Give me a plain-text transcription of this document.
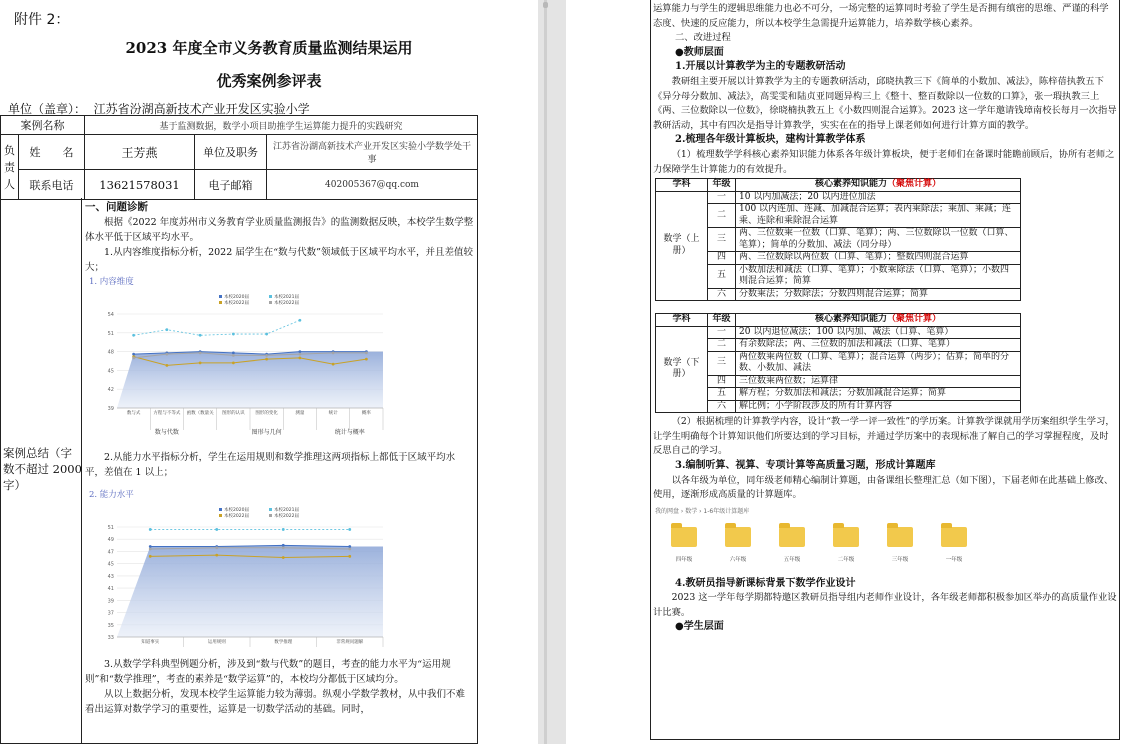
附件 2：
2023 年度全市义务教育质量监测结果运用
优秀案例参评表
单位（盖章）： 江苏省汾湖高新技术产业开发区实验小学
案例名称		基于监测数据，数学小项目助推学生运算能力提升的实践研究		
负责人	姓　　名	王芳燕	单位及职务	江苏省汾湖高新技术产业开发区实验小学数学处干事
	联系电话	13621578031	电子邮箱	402005367@qq.com
案例总结（字数不超过 2000 字）
一、问题诊断

根据《2022 年度苏州市义务教育学业质量监测报告》的监测数据反映，本校学生数学整体水平低于区域平均水平。

1.从内容维度指标分析，2022 届学生在“数与代数”领域低于区域平均水平，并且差值较大；

1. 内容维度
39
42
45
48
51
54
本校2020届	本校2021届
本校2022届	本校2022届
数与式	方程与不等式 函数（数量关 图形的认识 图形的变化	测量	统计	概率
数与代数	图形与几何	统计与概率

2.从能力水平指标分析，学生在运用规则和数学推理这两项指标上都低于区域平均水平，差值在 1 以上；

2. 能力水平
33
35
37
39
41
43
45
47
49
51
本校2020届	本校2021届
本校2022届	本校2022届
知道事实	运用规则	数学推理	非常规问题解

3.从数学学科典型例题分析，涉及到“数与代数”的题目，考查的能力水平为“运用规则”和“数学推理”，考查的素养是“数学运算”的，本校均分都低于区域均分。

从以上数据分析，发现本校学生运算能力较为薄弱。纵观小学数学教材，从中我们不难看出运算对数学学习的重要性，运算是一切数学活动的基础。同时，

运算能力与学生的逻辑思维能力也必不可分，一场完整的运算同时考验了学生是否拥有缜密的思维、严谨的科学态度、快速的反应能力，所以本校学生急需提升运算能力，培养数学核心素养。

二、改进过程
●教师层面
1.开展以计算教学为主的专题教研活动

教研组主要开展以计算教学为主的专题教研活动，邱晓执教三下《简单的小数加、减法》，陈梓蓓执教五下《异分母分数加、减法》，高雯雯和陆贞亚同题异构三上《整十、整百数除以一位数的口算》，张一瑕执教三上《两、三位数除以一位数》，徐晓楠执教五上《小数四则混合运算》。2023 这一学年邀请钱璋南校长每月一次指导教研活动，其中有四次是指导计算教学，实实在在的指导上课老师如何进行计算方面的教学。

2.梳理各年级计算板块，建构计算教学体系

（1）梳理数学学科核心素养知识能力体系各年级计算板块，便于老师们在备课时能瞻前顾后，协所有老师之力保障学生计算能力的有效提升。

学科	年级	核心素养知识能力（聚焦计算）
数学（上册）	一	10 以内加减法；20 以内进位加法
	二	100 以内连加、连减、加减混合运算；表内乘除法；乘加、乘减；连乘、连除和乘除混合运算
	三	两、三位数乘一位数（口算、笔算）；两、三位数除以一位数（口算、笔算）；简单的分数加、减法（同分母）
	四	两、三位数除以两位数（口算、笔算）；整数四则混合运算
	五	小数加法和减法（口算、笔算）；小数乘除法（口算、笔算）；小数四则混合运算；简算
	六	分数乘法；分数除法；分数四则混合运算；简算
学科	年级	核心素养知识能力（聚焦计算）
数学（下册）	一	20 以内退位减法；100 以内加、减法（口算、笔算）
	二	有余数除法；两、三位数的加法和减法（口算、笔算）
	三	两位数乘两位数（口算、笔算）；混合运算（两步）；估算；简单的分数、小数加、减法
	四	三位数乘两位数；运算律
	五	解方程；分数加法和减法；分数加减混合运算；简算
	六	解比例；小学阶段涉及的所有计算内容

（2）根据梳理的计算教学内容，设计“教一学一评一致性”的学历案。计算教学课就用学历案组织学生学习，让学生明确每个计算知识他们所要达到的学习目标，并通过学历案中的表现标准了解自己的学习掌握程度，及时反思自己的学习。

3.编制听算、视算、专项计算等高质量习题，形成计算题库

以各年级为单位，同年级老师精心编制计算题，由备课组长整理汇总（如下图），下届老师在此基础上修改、使用，逐渐形成高质量的计算题库。

我的网盘 › 数学 › 1-6年级计算题库
四年级	六年级	五年级	二年级	三年级	一年级
4.教研员指导新课标背景下数学作业设计

2023 这一学年每学期都特邀区教研员指导组内老师作业设计，各年级老师都积极参加区举办的高质量作业设计比赛。

●学生层面
